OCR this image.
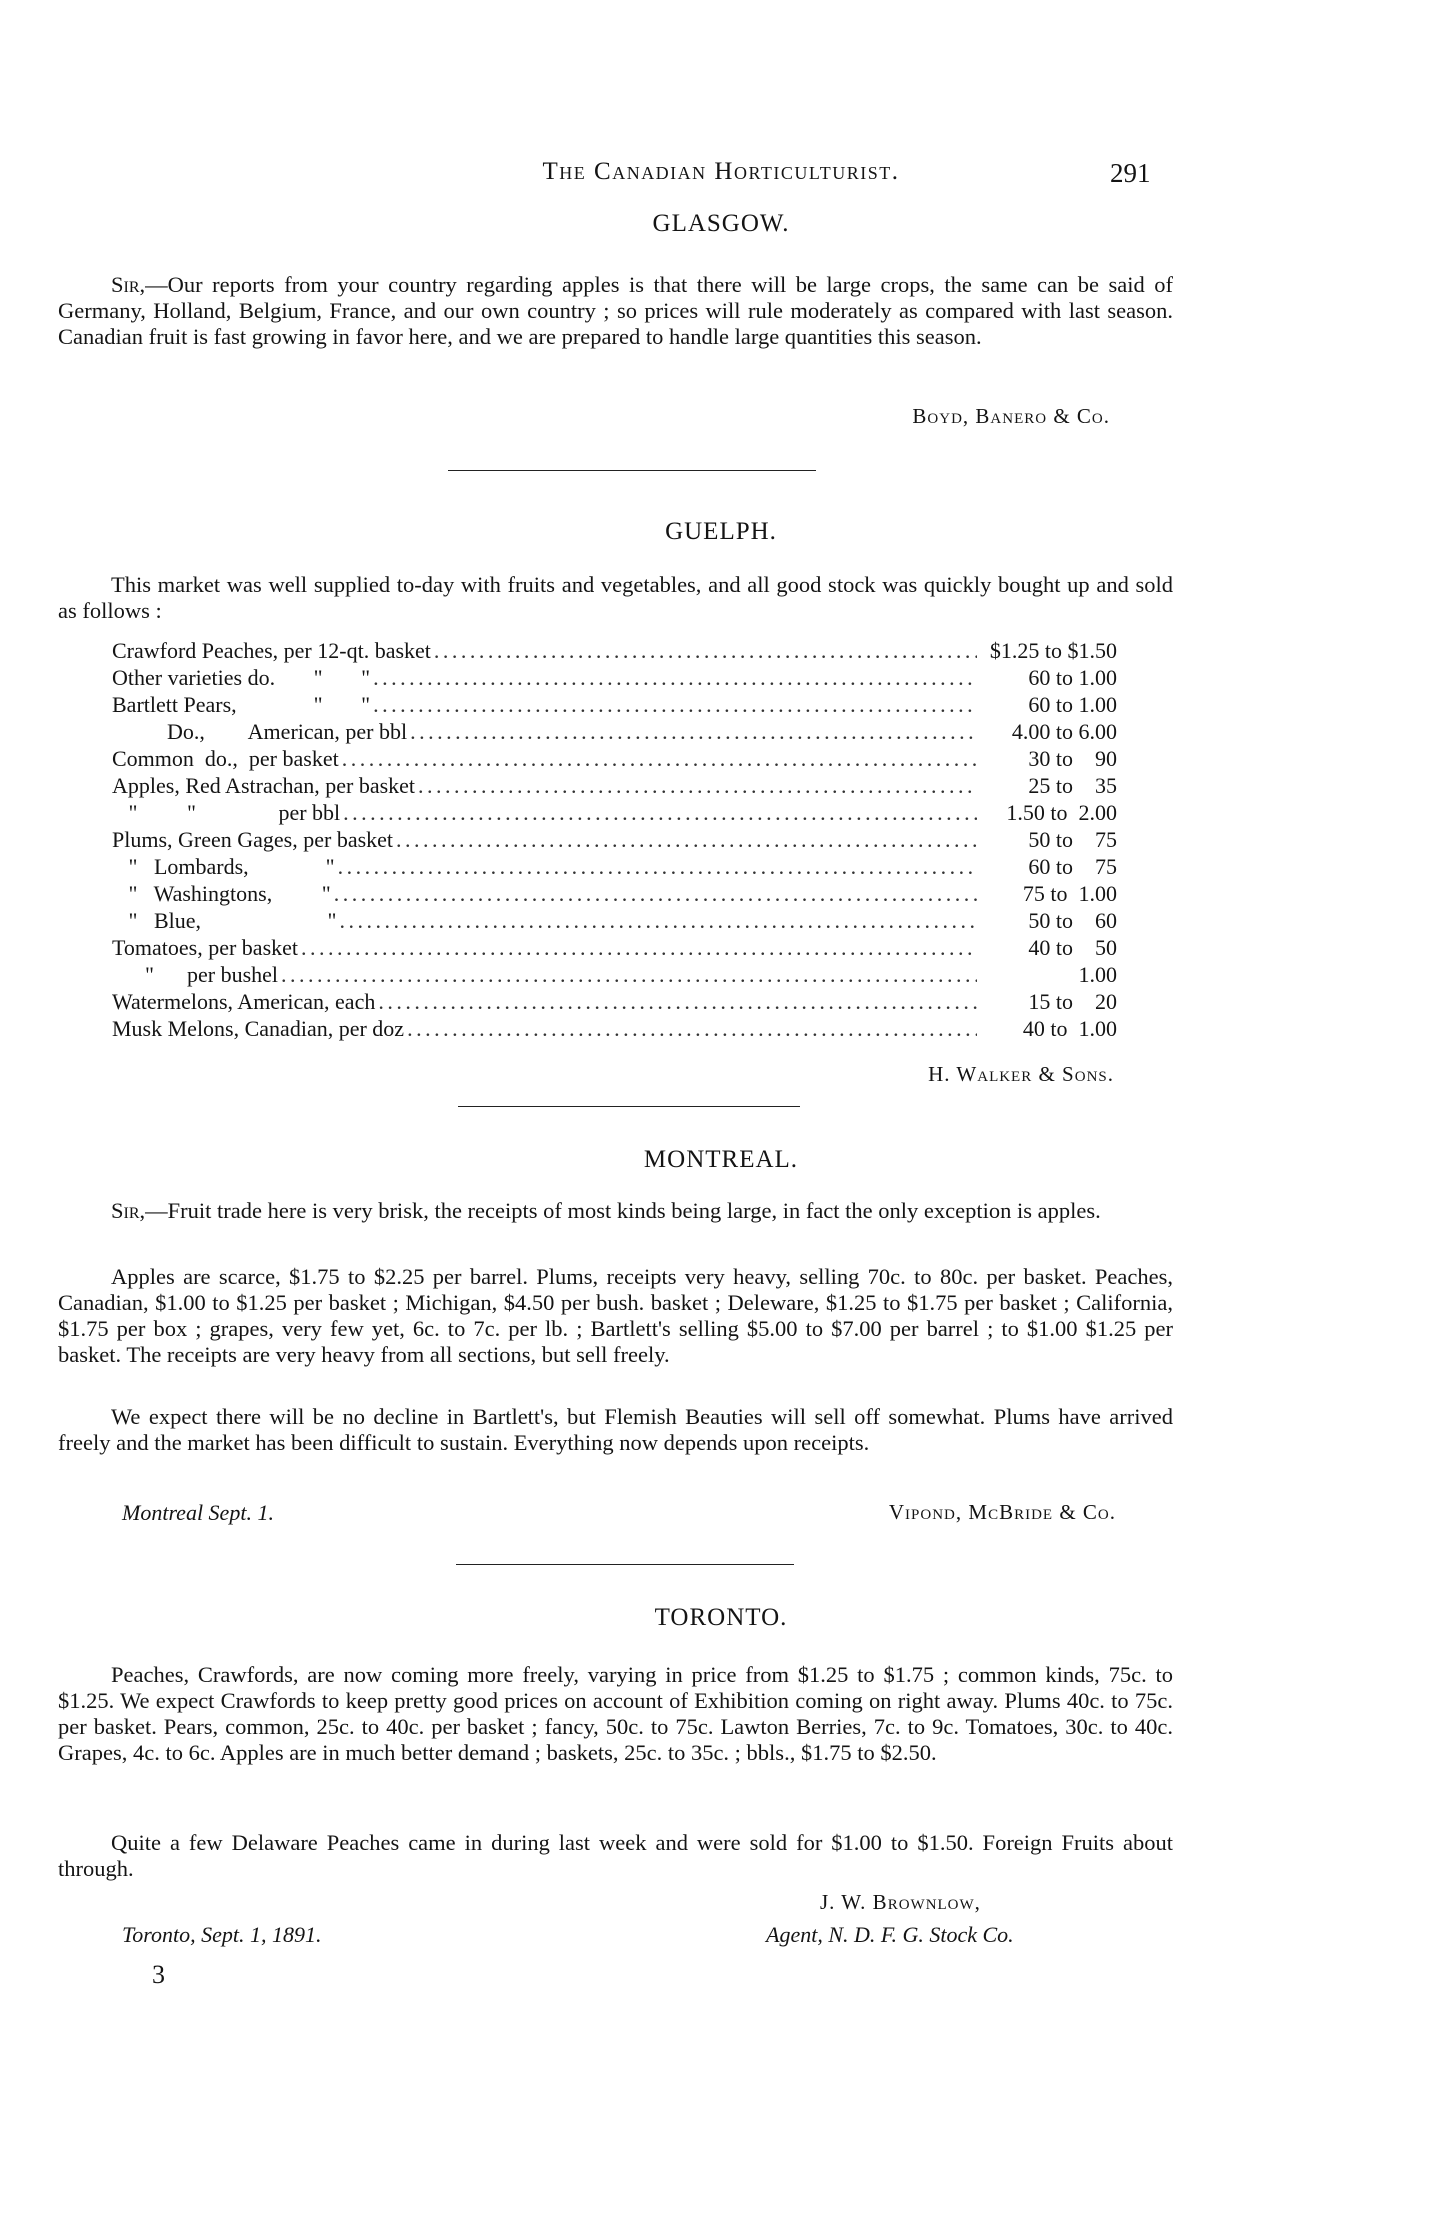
The Canadian Horticulturist.	291
GLASGOW.

Sir,—Our reports from your country regarding apples is that there will be large crops, the same can be said of Germany, Holland, Belgium, France, and our own country ; so prices will rule moderately as compared with last season. Canadian fruit is fast growing in favor here, and we are prepared to handle large quantities this season.

Boyd, Banero & Co.
GUELPH.

This market was well supplied to-day with fruits and vegetables, and all good stock was quickly bought up and sold as follows :

Crawford Peaches, per 12-qt. basket . . .	$1.25 to $1.50
Other varieties do.       "       " . . .	60 to 1.00
Bartlett Pears,              "       " . . .	60 to 1.00
Do.,        American, per bbl . . .	4.00 to 6.00
Common  do.,  per basket . . .	30 to    90
Apples, Red Astrachan, per basket . . .	25 to    35
"         "               per bbl . . .	1.50 to  2.00
Plums, Green Gages, per basket . . .	50 to    75
"   Lombards,              " . . .	60 to    75
"   Washingtons,         " . . .	75 to  1.00
"   Blue,                       " . . .	50 to    60
Tomatoes, per basket . . .	40 to    50
"      per bushel . . .	1.00
Watermelons, American, each . . .	15 to    20
Musk Melons, Canadian, per doz . . .	40 to  1.00
H. Walker & Sons.
MONTREAL.

Sir,—Fruit trade here is very brisk, the receipts of most kinds being large, in fact the only exception is apples.

Apples are scarce, $1.75 to $2.25 per barrel. Plums, receipts very heavy, selling 70c. to 80c. per basket. Peaches, Canadian, $1.00 to $1.25 per basket ; Michigan, $4.50 per bush. basket ; Deleware, $1.25 to $1.75 per basket ; California, $1.75 per box ; grapes, very few yet, 6c. to 7c. per lb. ; Bartlett's selling $5.00 to $7.00 per barrel ; to $1.00 $1.25 per basket. The receipts are very heavy from all sections, but sell freely.

We expect there will be no decline in Bartlett's, but Flemish Beauties will sell off somewhat. Plums have arrived freely and the market has been difficult to sustain. Everything now depends upon receipts.

Montreal Sept. 1.	Vipond, McBride & Co.
TORONTO.

Peaches, Crawfords, are now coming more freely, varying in price from $1.25 to $1.75 ; common kinds, 75c. to $1.25. We expect Crawfords to keep pretty good prices on account of Exhibition coming on right away. Plums 40c. to 75c. per basket. Pears, common, 25c. to 40c. per basket ; fancy, 50c. to 75c. Lawton Berries, 7c. to 9c. Tomatoes, 30c. to 40c. Grapes, 4c. to 6c. Apples are in much better demand ; baskets, 25c. to 35c. ; bbls., $1.75 to $2.50.

Quite a few Delaware Peaches came in during last week and were sold for $1.00 to $1.50. Foreign Fruits about through.

J. W. Brownlow,
Agent, N. D. F. G. Stock Co.
Toronto, Sept. 1, 1891.
3
